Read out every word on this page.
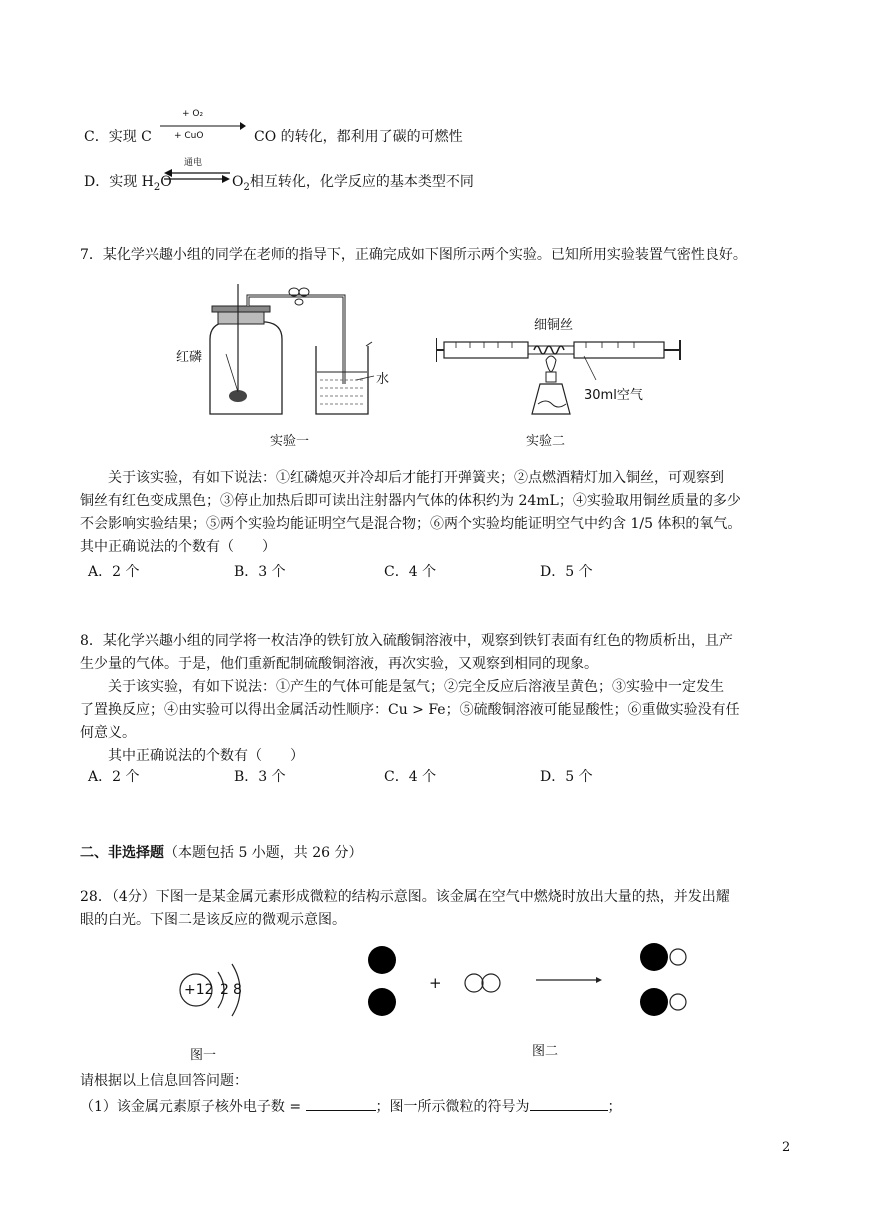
C．实现 C
+ O₂
+ CuO	CO 的转化，都利用了碳的可燃性
D．实现 $H_2O$
通电
$O_2$相互转化，化学反应的基本类型不同
7．某化学兴趣小组的同学在老师的指导下，正确完成如下图所示两个实验。已知所用实验装置气密性良好。
红磷
水
实验一
细铜丝
30ml空气
实验二

关于该实验，有如下说法：①红磷熄灭并冷却后才能打开弹簧夹；②点燃酒精灯加入铜丝，可观察到

铜丝有红色变成黑色；③停止加热后即可读出注射器内气体的体积约为 24mL；④实验取用铜丝质量的多少

不会影响实验结果；⑤两个实验均能证明空气是混合物；⑥两个实验均能证明空气中约含 1/5 体积的氧气。

其中正确说法的个数有（　　）

A．2 个	B．3 个	C．4 个	D．5 个

8．某化学兴趣小组的同学将一枚洁净的铁钉放入硫酸铜溶液中，观察到铁钉表面有红色的物质析出，且产

生少量的气体。于是，他们重新配制硫酸铜溶液，再次实验，又观察到相同的现象。

关于该实验，有如下说法：①产生的气体可能是氢气；②完全反应后溶液呈黄色；③实验中一定发生

了置换反应；④由实验可以得出金属活动性顺序：Cu > Fe；⑤硫酸铜溶液可能显酸性；⑥重做实验没有任

何意义。

其中正确说法的个数有（　　）

A．2 个	B．3 个	C．4 个	D．5 个
二、非选择题（本题包括 5 小题，共 26 分）

28．（4分）下图一是某金属元素形成微粒的结构示意图。该金属在空气中燃烧时放出大量的热，并发出耀

眼的白光。下图二是该反应的微观示意图。

+12 2 8
图一
+
图二
请根据以上信息回答问题：
（1）该金属元素原子核外电子数 =	；图一所示微粒的符号为	；
2
